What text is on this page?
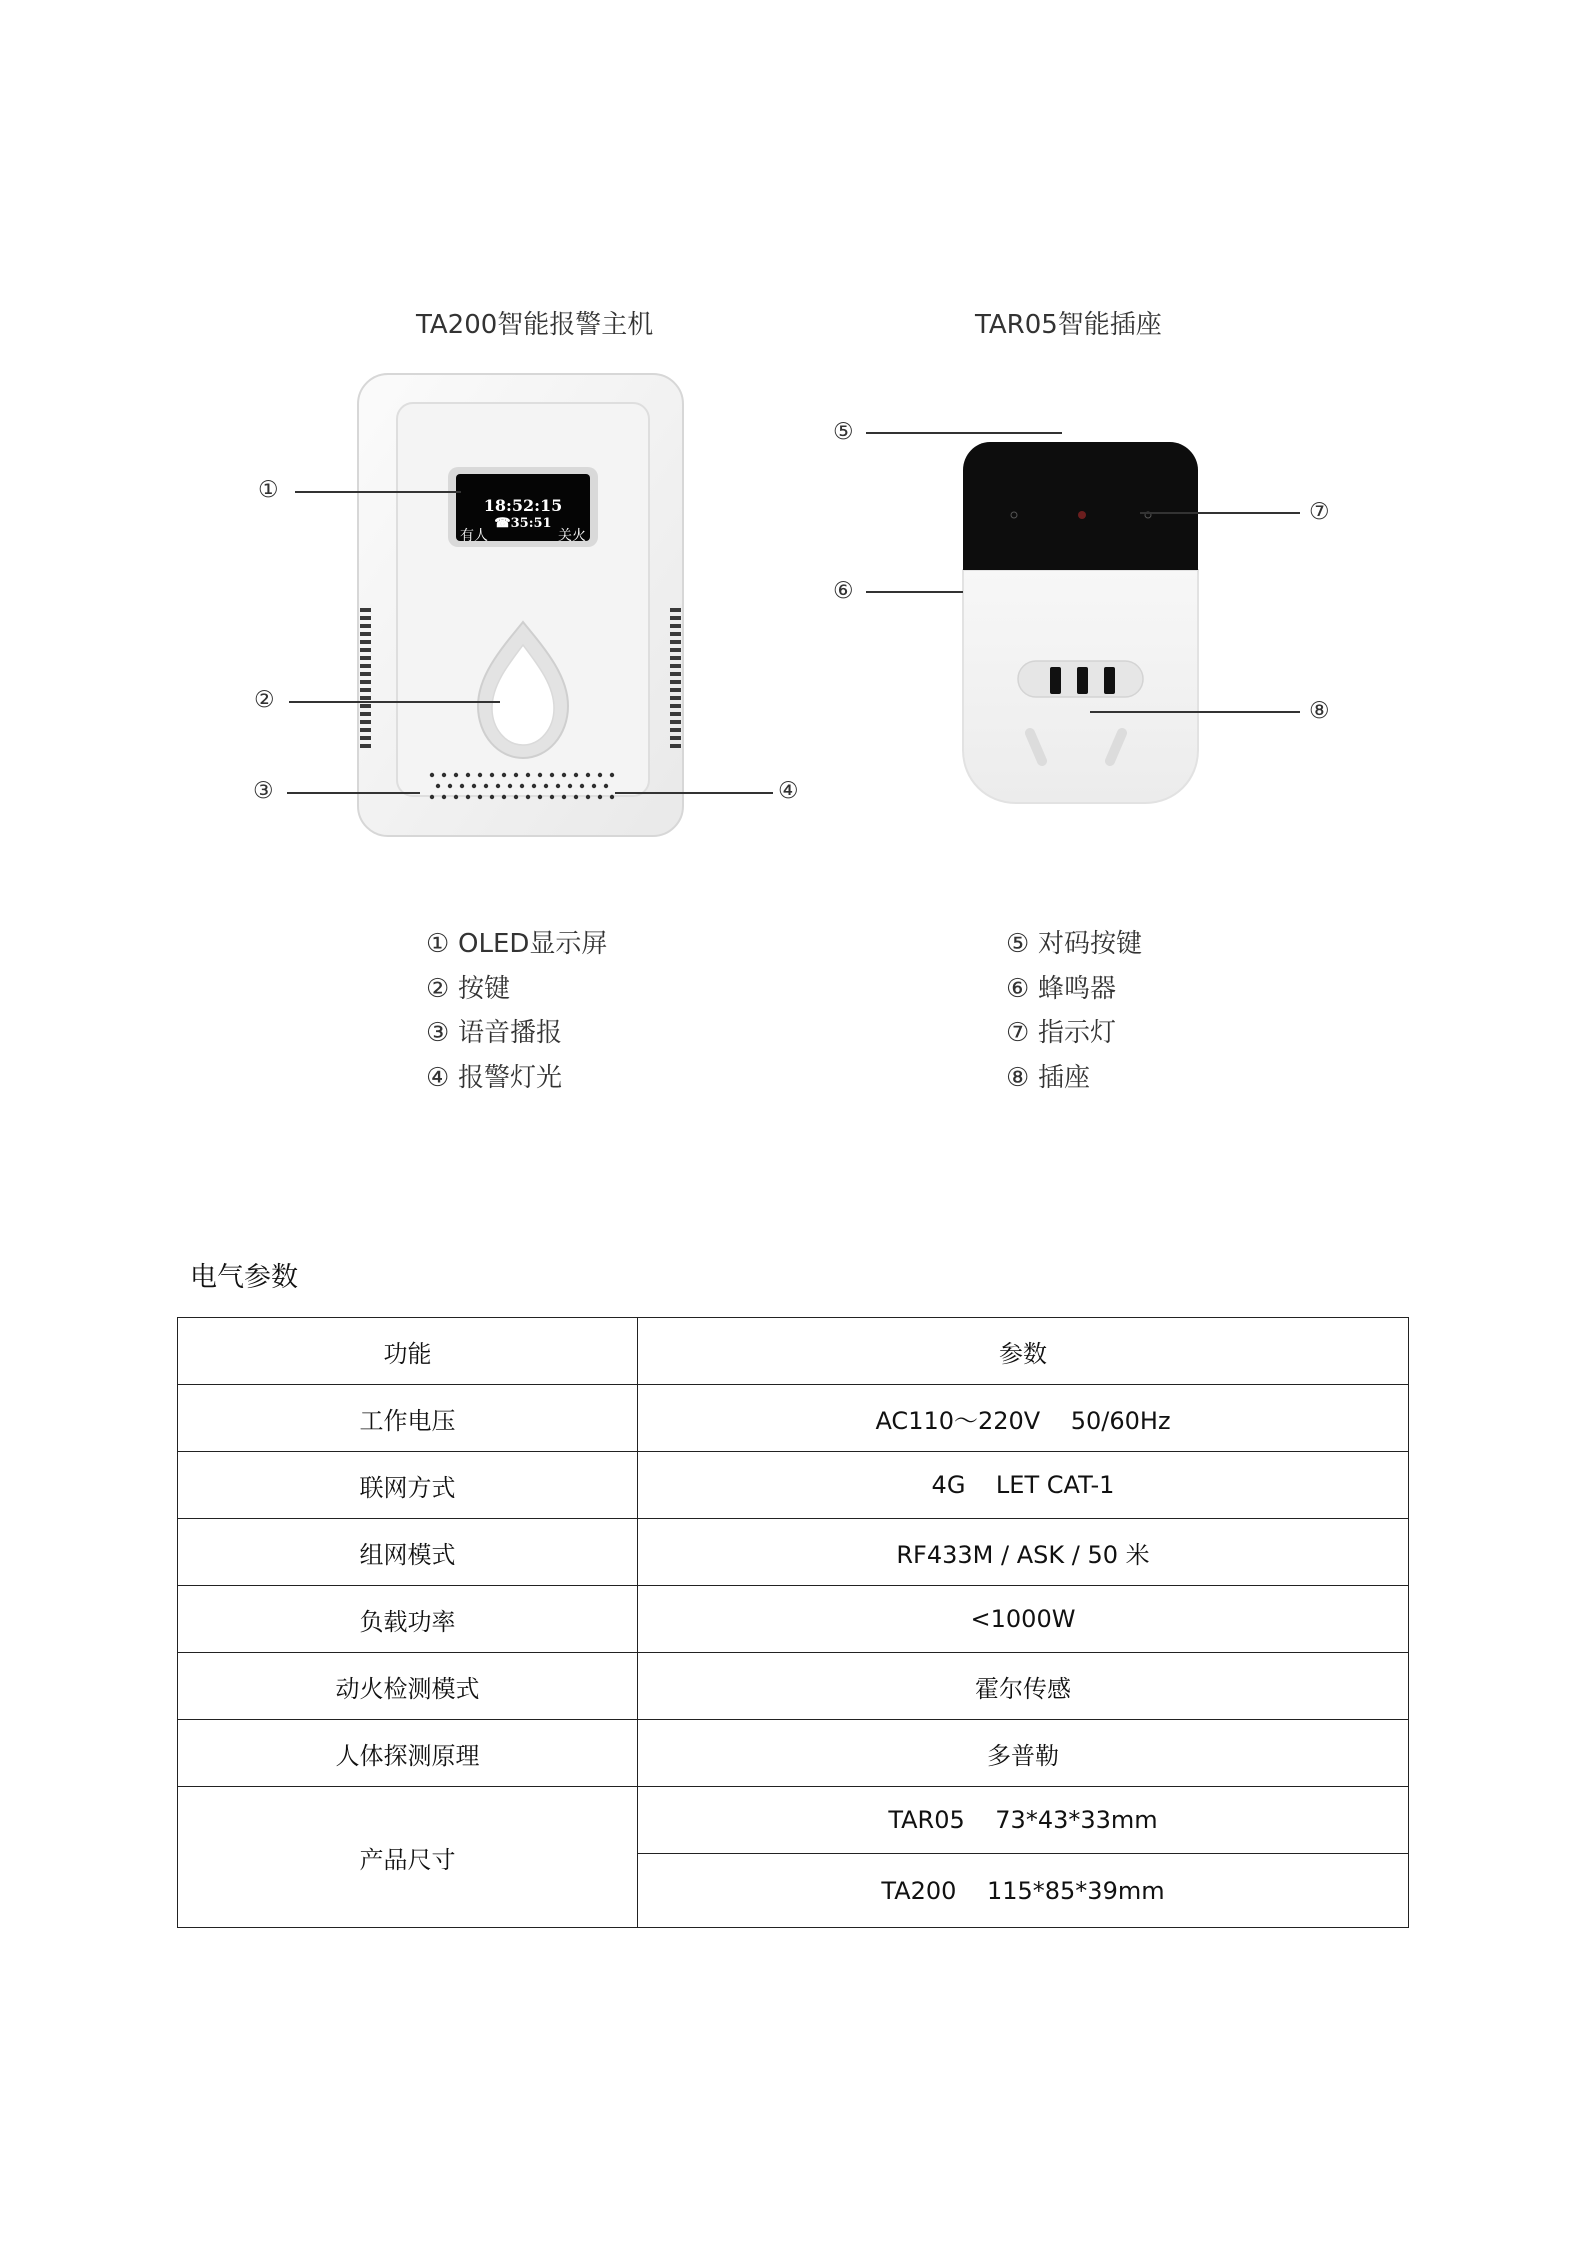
TA200智能报警主机	TAR05智能插座
18:52:15
☎35:51
有人	关火
①
②
③	④
⑤
⑥
⑦
⑧
① OLED显示屏
② 按键
③ 语音播报
④ 报警灯光
⑤ 对码按键
⑥ 蜂鸣器
⑦ 指示灯
⑧ 插座
电气参数
功能	参数
工作电压	AC110～220V    50/60Hz
联网方式	4G    LET CAT-1
组网模式	RF433M / ASK / 50 米
负载功率	<1000W
动火检测模式	霍尔传感
人体探测原理	多普勒
产品尺寸	TAR05    73*43*33mm
	TA200    115*85*39mm
